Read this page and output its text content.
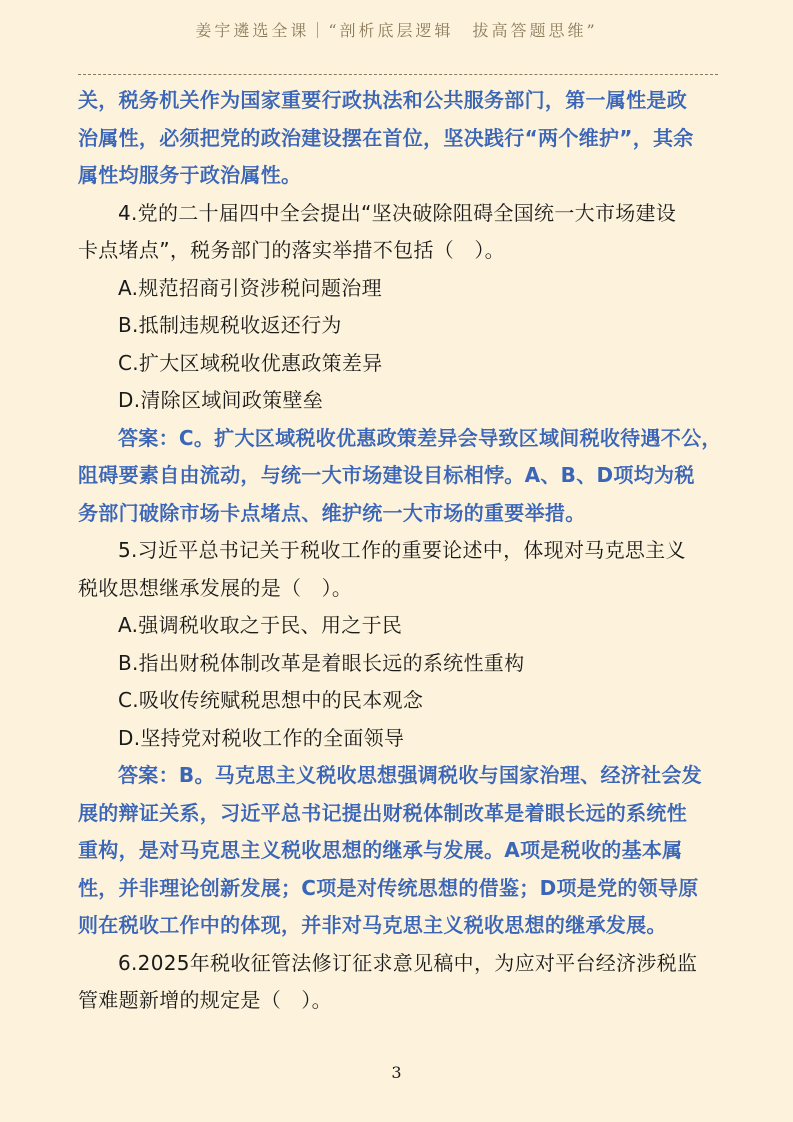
姜宇遴选全课｜“剖析底层逻辑　拔高答题思维”
关，税务机关作为国家重要行政执法和公共服务部门，第一属性是政
治属性，必须把党的政治建设摆在首位，坚决践行“两个维护”，其余
属性均服务于政治属性。
4.党的二十届四中全会提出“坚决破除阻碍全国统一大市场建设
卡点堵点”，税务部门的落实举措不包括（　）。
A.规范招商引资涉税问题治理
B.抵制违规税收返还行为
C.扩大区域税收优惠政策差异
D.清除区域间政策壁垒
答案：C。扩大区域税收优惠政策差异会导致区域间税收待遇不公，
阻碍要素自由流动，与统一大市场建设目标相悖。A、B、D项均为税
务部门破除市场卡点堵点、维护统一大市场的重要举措。
5.习近平总书记关于税收工作的重要论述中，体现对马克思主义
税收思想继承发展的是（　）。
A.强调税收取之于民、用之于民
B.指出财税体制改革是着眼长远的系统性重构
C.吸收传统赋税思想中的民本观念
D.坚持党对税收工作的全面领导
答案：B。马克思主义税收思想强调税收与国家治理、经济社会发
展的辩证关系，习近平总书记提出财税体制改革是着眼长远的系统性
重构，是对马克思主义税收思想的继承与发展。A项是税收的基本属
性，并非理论创新发展；C项是对传统思想的借鉴；D项是党的领导原
则在税收工作中的体现，并非对马克思主义税收思想的继承发展。
6.2025年税收征管法修订征求意见稿中，为应对平台经济涉税监
管难题新增的规定是（　）。
3
